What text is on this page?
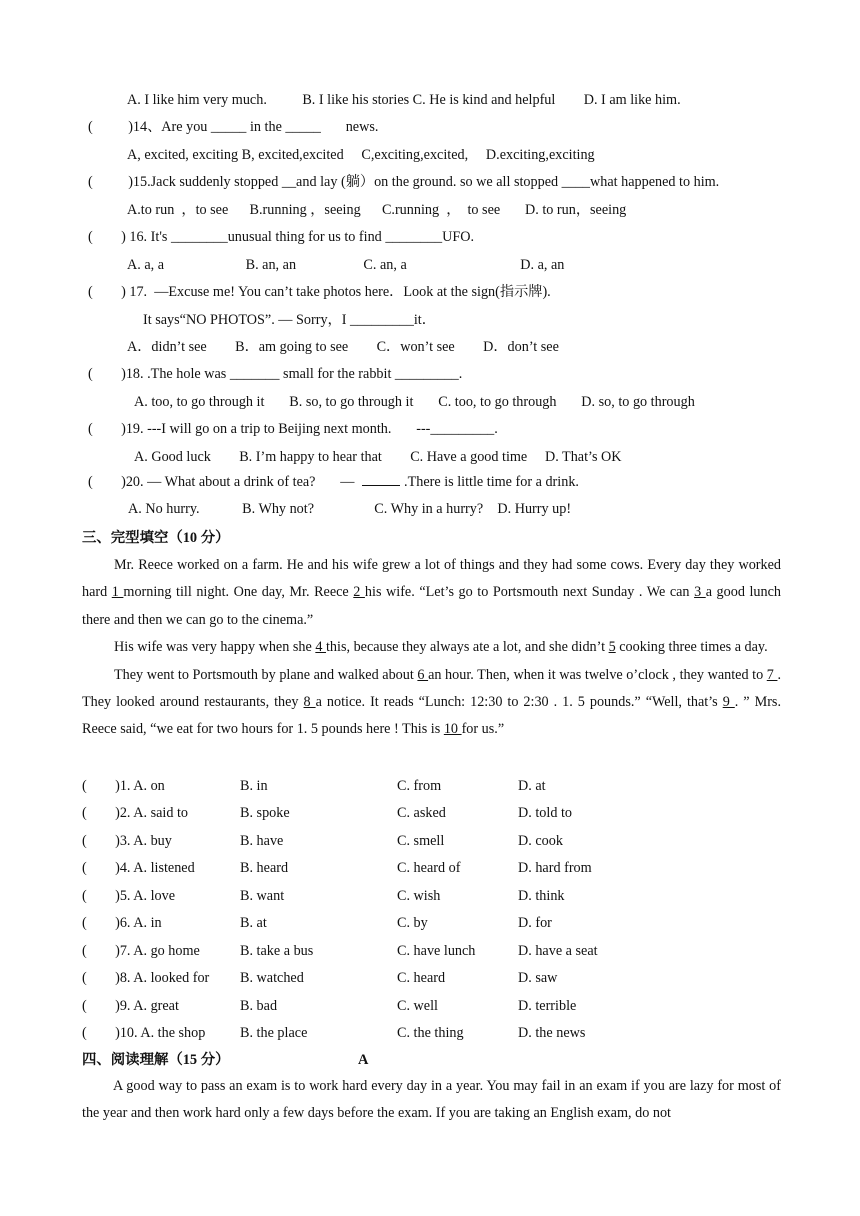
A. I like him very much.          B. I like his stories C. He is kind and helpful        D. I am like him.
(          )14、Are you _____ in the _____       news.
A, excited, exciting B, excited,excited     C,exciting,excited,     D.exciting,exciting
(          )15.Jack suddenly stopped __and lay (躺）on the ground. so we all stopped ____what happened to him.
A.to run  ，to see      B.running ，seeing      C.running  ，  to see       D. to run，seeing
(        ) 16. It's ________unusual thing for us to find ________UFO.
A. a, a                       B. an, an                   C. an, a                                D. a, an
(        ) 17.  —Excuse me! You can’t take photos here．Look at the sign(指示牌).
It says“NO PHOTOS”. — Sorry，I _________it．
A．didn’t see        B．am going to see        C．won’t see        D．don’t see
(        )18. .The hole was _______ small for the rabbit _________.
A. too, to go through it       B. so, to go through it       C. too, to go through       D. so, to go through
(        )19. ---I will go on a trip to Beijing next month.       ---_________.
A. Good luck        B. I’m happy to hear that        C. Have a good time     D. That’s OK
(        )20. — What about a drink of tea?       —	.There is little time for a drink.
A. No hurry.            B. Why not?                 C. Why in a hurry?    D. Hurry up!
三、完型填空（10 分）
Mr. Reece worked on a farm. He and his wife grew a lot of things and they had some cows. Every day they worked hard 1 morning till night. One day, Mr. Reece 2 his wife. “Let’s go to Portsmouth next Sunday . We can 3 a good lunch there and then we can go to the cinema.”
His wife was very happy when she 4 this, because they always ate a lot, and she didn’t 5 cooking three times a day.
They went to Portsmouth by plane and walked about 6 an hour. Then, when it was twelve o’clock , they wanted to 7 . They looked around restaurants, they 8 a notice. It reads “Lunch: 12:30 to 2:30 . 1. 5 pounds.” “Well, that’s 9 . ” Mrs. Reece said, “we eat for two hours for 1. 5 pounds here ! This is 10 for us.”
(        )1. A. on	B. in	C. from	D. at
(        )2. A. said to	B. spoke	C. asked	D. told to
(        )3. A. buy	B. have	C. smell	D. cook
(        )4. A. listened	B. heard	C. heard of	D. hard from
(        )5. A. love	B. want	C. wish	D. think
(        )6. A. in	B. at	C. by	D. for
(        )7. A. go home	B. take a bus	C. have lunch	D. have a seat
(        )8. A. looked for B. watched	C. heard	D. saw
(        )9. A. great	B. bad	C. well	D. terrible
(        )10. A. the shop B. the place	C. the thing	D. the news
四、阅读理解（15 分）	A
A good way to pass an exam is to work hard every day in a year. You may fail in an exam if you are lazy for most of the year and then work hard only a few days before the exam. If you are taking an English exam, do not
